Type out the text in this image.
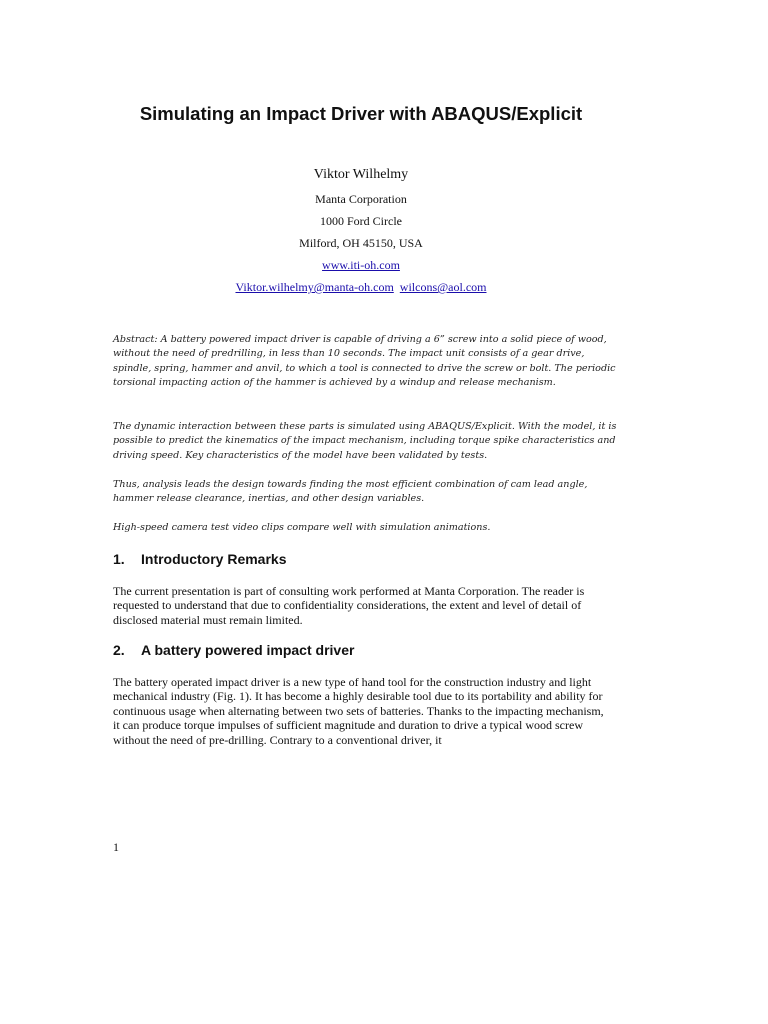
Simulating an Impact Driver with ABAQUS/Explicit
Viktor Wilhelmy
Manta Corporation
1000 Ford Circle
Milford, OH 45150, USA
www.iti-oh.com
Viktor.wilhelmy@manta-oh.com wilcons@aol.com

Abstract: A battery powered impact driver is capable of driving a 6” screw into a solid piece of wood, without the need of predrilling, in less than 10 seconds. The impact unit consists of a gear drive, spindle, spring, hammer and anvil, to which a tool is connected to drive the screw or bolt. The periodic torsional impacting action of the hammer is achieved by a windup and release mechanism.

The dynamic interaction between these parts is simulated using ABAQUS/Explicit. With the model, it is possible to predict the kinematics of the impact mechanism, including torque spike characteristics and driving speed. Key characteristics of the model have been validated by tests.

Thus, analysis leads the design towards finding the most efficient combination of cam lead angle, hammer release clearance, inertias, and other design variables.

High-speed camera test video clips compare well with simulation animations.

1. Introductory Remarks

The current presentation is part of consulting work performed at Manta Corporation. The reader is requested to understand that due to confidentiality considerations, the extent and level of detail of disclosed material must remain limited.

2. A battery powered impact driver

The battery operated impact driver is a new type of hand tool for the construction industry and light mechanical industry (Fig. 1). It has become a highly desirable tool due to its portability and ability for continuous usage when alternating between two sets of batteries. Thanks to the impacting mechanism, it can produce torque impulses of sufficient magnitude and duration to drive a typical wood screw without the need of pre-drilling. Contrary to a conventional driver, it

1
